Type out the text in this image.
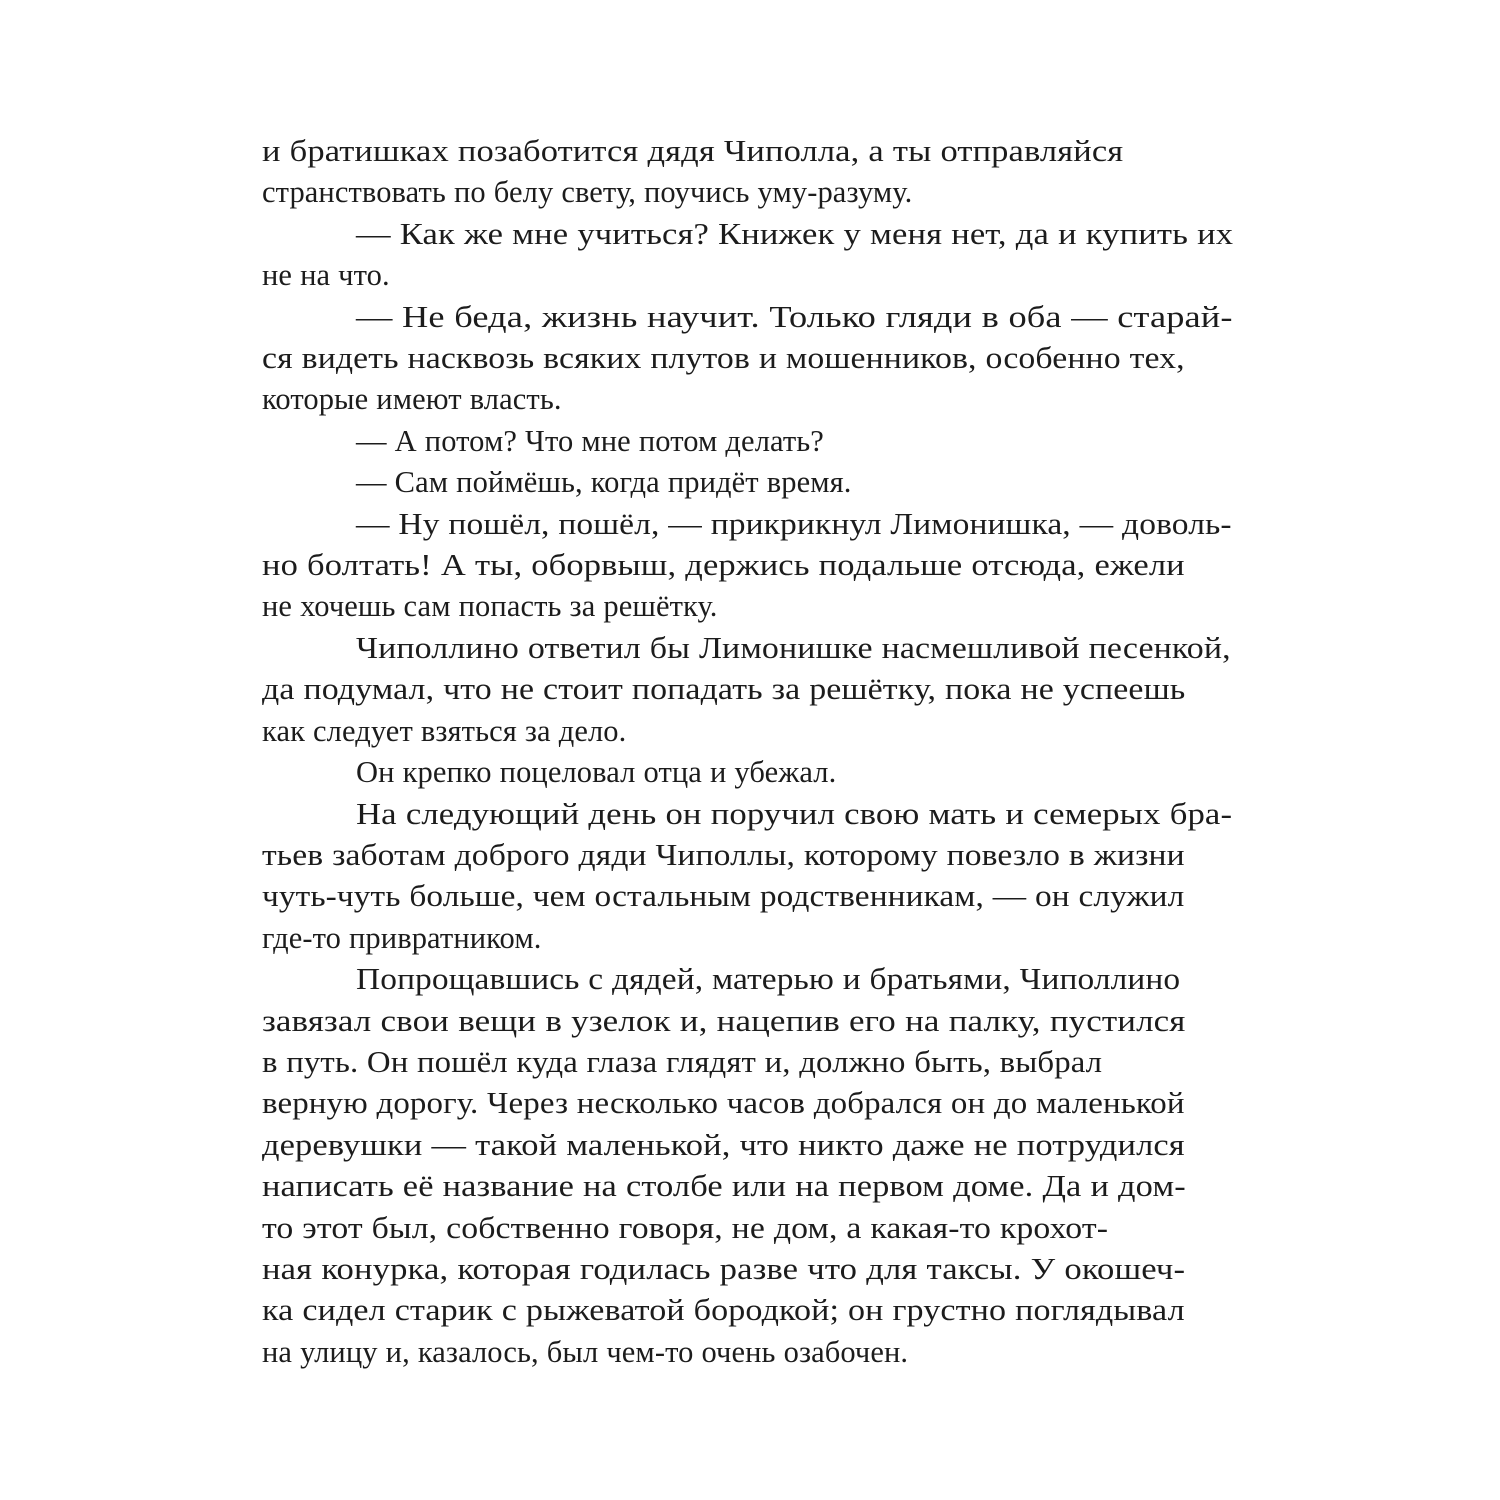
и братишках позаботится дядя Чиполла, а ты отправляйся странствовать по белу свету, поучись уму-разуму.
— Как же мне учиться? Книжек у меня нет, да и купить их не на что.
— Не беда, жизнь научит. Только гляди в оба — старай- ся видеть насквозь всяких плутов и мошенников, особенно тех, которые имеют власть.
— А потом? Что мне потом делать?
— Сам поймёшь, когда придёт время.
— Ну пошёл, пошёл, — прикрикнул Лимонишка, — доволь- но болтать! А ты, оборвыш, держись подальше отсюда, ежели не хочешь сам попасть за решётку.
Чиполлино ответил бы Лимонишке насмешливой песенкой, да подумал, что не стоит попадать за решётку, пока не успеешь как следует взяться за дело.
Он крепко поцеловал отца и убежал.
На следующий день он поручил свою мать и семерых бра- тьев заботам доброго дяди Чиполлы, которому повезло в жизни чуть-чуть больше, чем остальным родственникам, — он служил где-то привратником.
Попрощавшись с дядей, матерью и братьями, Чиполлино завязал свои вещи в узелок и, нацепив его на палку, пустился в путь. Он пошёл куда глаза глядят и, должно быть, выбрал верную дорогу. Через несколько часов добрался он до маленькой деревушки — такой маленькой, что никто даже не потрудился написать её название на столбе или на первом доме. Да и дом- то этот был, собственно говоря, не дом, а какая-то крохот- ная конурка, которая годилась разве что для таксы. У окошеч- ка сидел старик с рыжеватой бородкой; он грустно поглядывал на улицу и, казалось, был чем-то очень озабочен.
